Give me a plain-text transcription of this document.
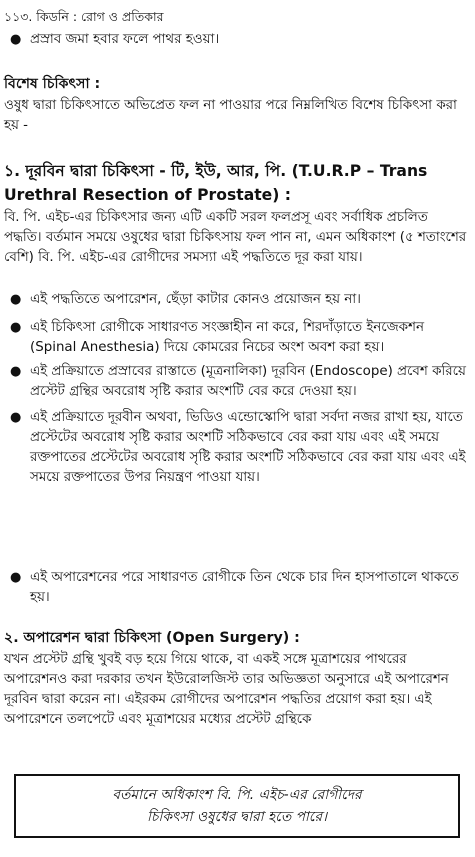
১১৩. কিডনি : রোগ ও প্রতিকার
● প্রস্রাব জমা হবার ফলে পাথর হওয়া।
বিশেষ চিকিৎসা :
ওষুধ দ্বারা চিকিৎসাতে অভিপ্রেত ফল না পাওয়ার পরে নিম্নলিখিত বিশেষ চিকিৎসা করা হয় -
১. দূরবিন দ্বারা চিকিৎসা - টি, ইউ, আর, পি. (T.U.R.P – Trans
Urethral Resection of Prostate) :
বি. পি. এইচ-এর চিকিৎসার জন্য এটি একটি সরল ফলপ্রসূ এবং সর্বাধিক প্রচলিত পদ্ধতি। বর্তমান সময়ে ওষুধের দ্বারা চিকিৎসায় ফল পান না, এমন অধিকাংশ (৫ শতাংশের বেশি) বি. পি. এইচ-এর রোগীদের সমস্যা এই পদ্ধতিতে দূর করা যায়।
● এই পদ্ধতিতে অপারেশন, ছেঁড়া কাটার কোনও প্রয়োজন হয় না।
● এই চিকিৎসা রোগীকে সাধারণত সংজ্ঞাহীন না করে, শিরদাঁড়াতে ইনজেকশন (Spinal Anesthesia) দিয়ে কোমরের নিচের অংশ অবশ করা হয়।
● এই প্রক্রিয়াতে প্রস্রাবের রাস্তাতে (মূত্রনালিকা) দূরবিন (Endoscope) প্রবেশ করিয়ে প্রস্টেট গ্রন্থির অবরোধ সৃষ্টি করার অংশটি বের করে দেওয়া হয়।
● এই প্রক্রিয়াতে দূরবীন অথবা, ভিডিও এন্ডোস্কোপি দ্বারা সর্বদা নজর রাখা হয়, যাতে প্রস্টেটের অবরোধ সৃষ্টি করার অংশটি সঠিকভাবে বের করা যায় এবং এই সময়ে রক্তপাতের প্রস্টেটের অবরোধ সৃষ্টি করার অংশটি সঠিকভাবে বের করা যায় এবং এই সময়ে রক্তপাতের উপর নিয়ন্ত্রণ পাওয়া যায়।
● এই অপারেশনের পরে সাধারণত রোগীকে তিন থেকে চার দিন হাসপাতালে থাকতে হয়।
২. অপারেশন দ্বারা চিকিৎসা (Open Surgery) :
যখন প্রস্টেট গ্রন্থি খুবই বড় হয়ে গিয়ে থাকে, বা একই সঙ্গে মূত্রাশয়ের পাথরের অপারেশনও করা দরকার তখন ইউরোলজিস্ট তার অভিজ্ঞতা অনুসারে এই অপারেশন দূরবিন দ্বারা করেন না। এইরকম রোগীদের অপারেশন পদ্ধতির প্রয়োগ করা হয়। এই অপারেশনে তলপেটে এবং মূত্রাশয়ের মধ্যের প্রস্টেট গ্রন্থিকে
বর্তমানে অধিকাংশ বি. পি. এইচ-এর রোগীদের
চিকিৎসা ওষুধের দ্বারা হতে পারে।
